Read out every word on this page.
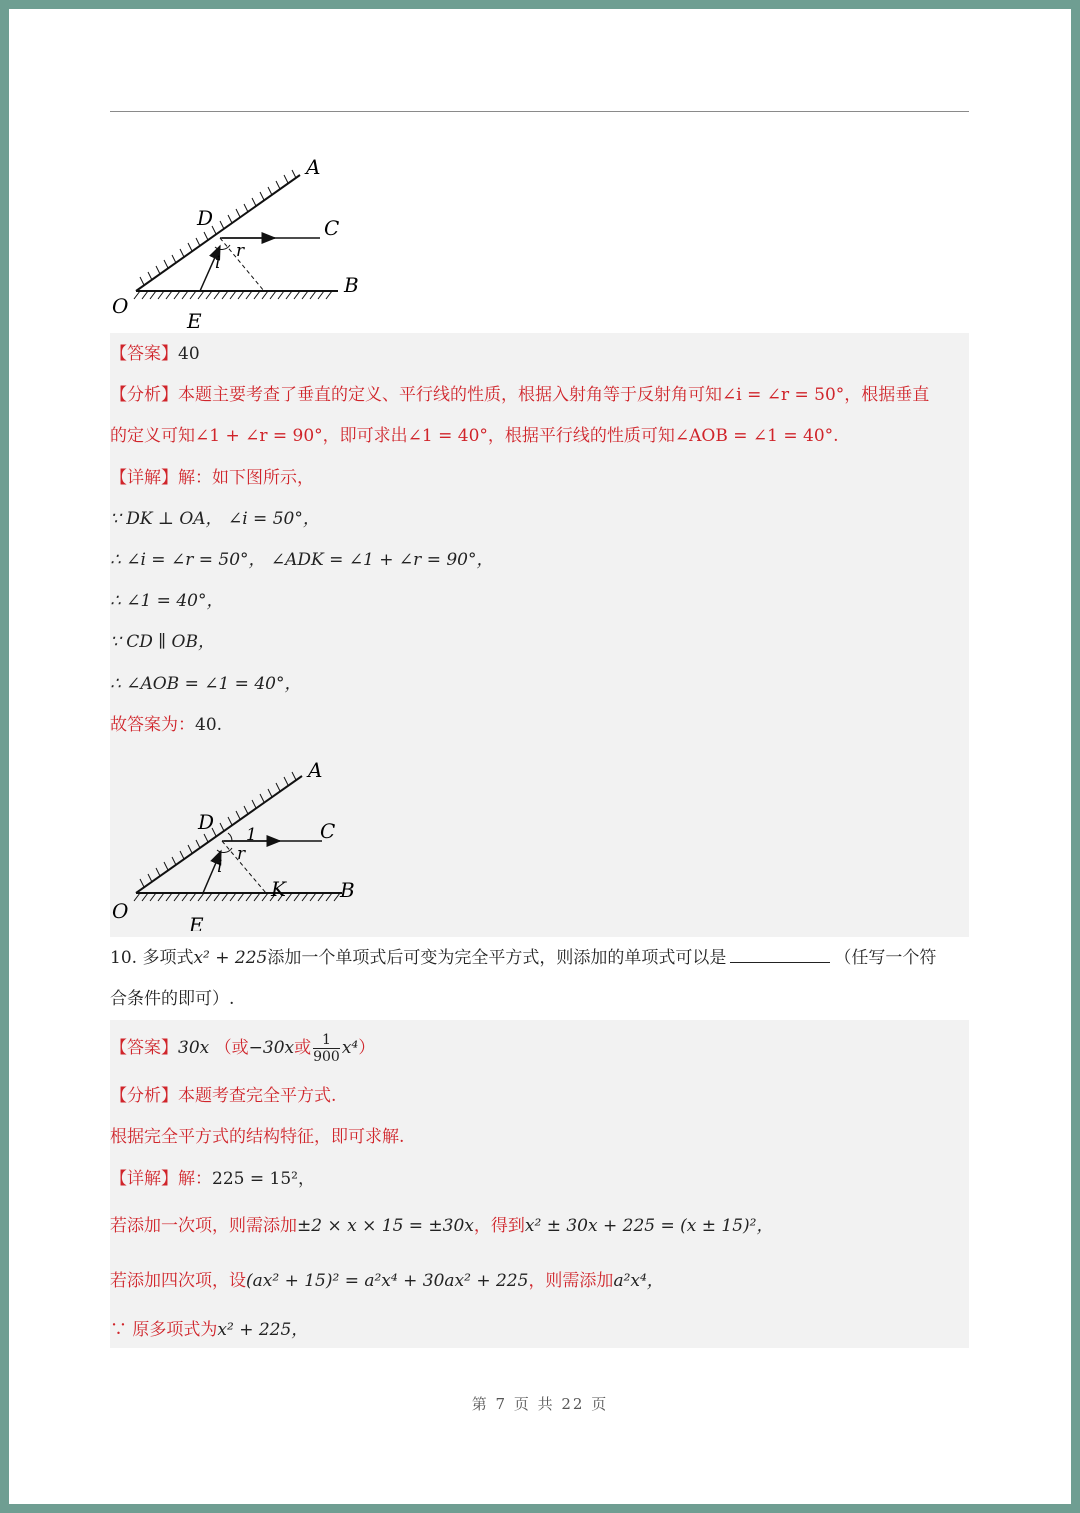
A
D	C
r
i
B
O
E
【答案】40
【分析】本题主要考查了垂直的定义、平行线的性质，根据入射角等于反射角可知∠i = ∠r = 50°，根据垂直
的定义可知∠1 + ∠r = 90°，即可求出∠1 = 40°，根据平行线的性质可知∠AOB = ∠1 = 40°.
【详解】解：如下图所示，
∵ DK ⊥ OA， ∠i = 50°，
∴ ∠i = ∠r = 50°， ∠ADK = ∠1 + ∠r = 90°，
∴ ∠1 = 40°，
∵ CD ∥ OB，
∴ ∠AOB = ∠1 = 40°，
故答案为：40.
A
D
1	C
r
i
K	B
O
E
10. 多项式x² + 225添加一个单项式后可变为完全平方式，则添加的单项式可以是	（任写一个符
合条件的即可）.
【答案】30x （或−30x或 $\frac{1}{900} x^4$）
【分析】本题考查完全平方式.
根据完全平方式的结构特征，即可求解.
【详解】解：225 = 15²，
若添加一次项，则需添加±2 × x × 15 = ±30x，得到x² ± 30x + 225 = (x ± 15)²，
若添加四次项，设(ax² + 15)² = a²x⁴ + 30ax² + 225，则需添加a²x⁴，
∵ 原多项式为x² + 225，
第 7 页 共 22 页
